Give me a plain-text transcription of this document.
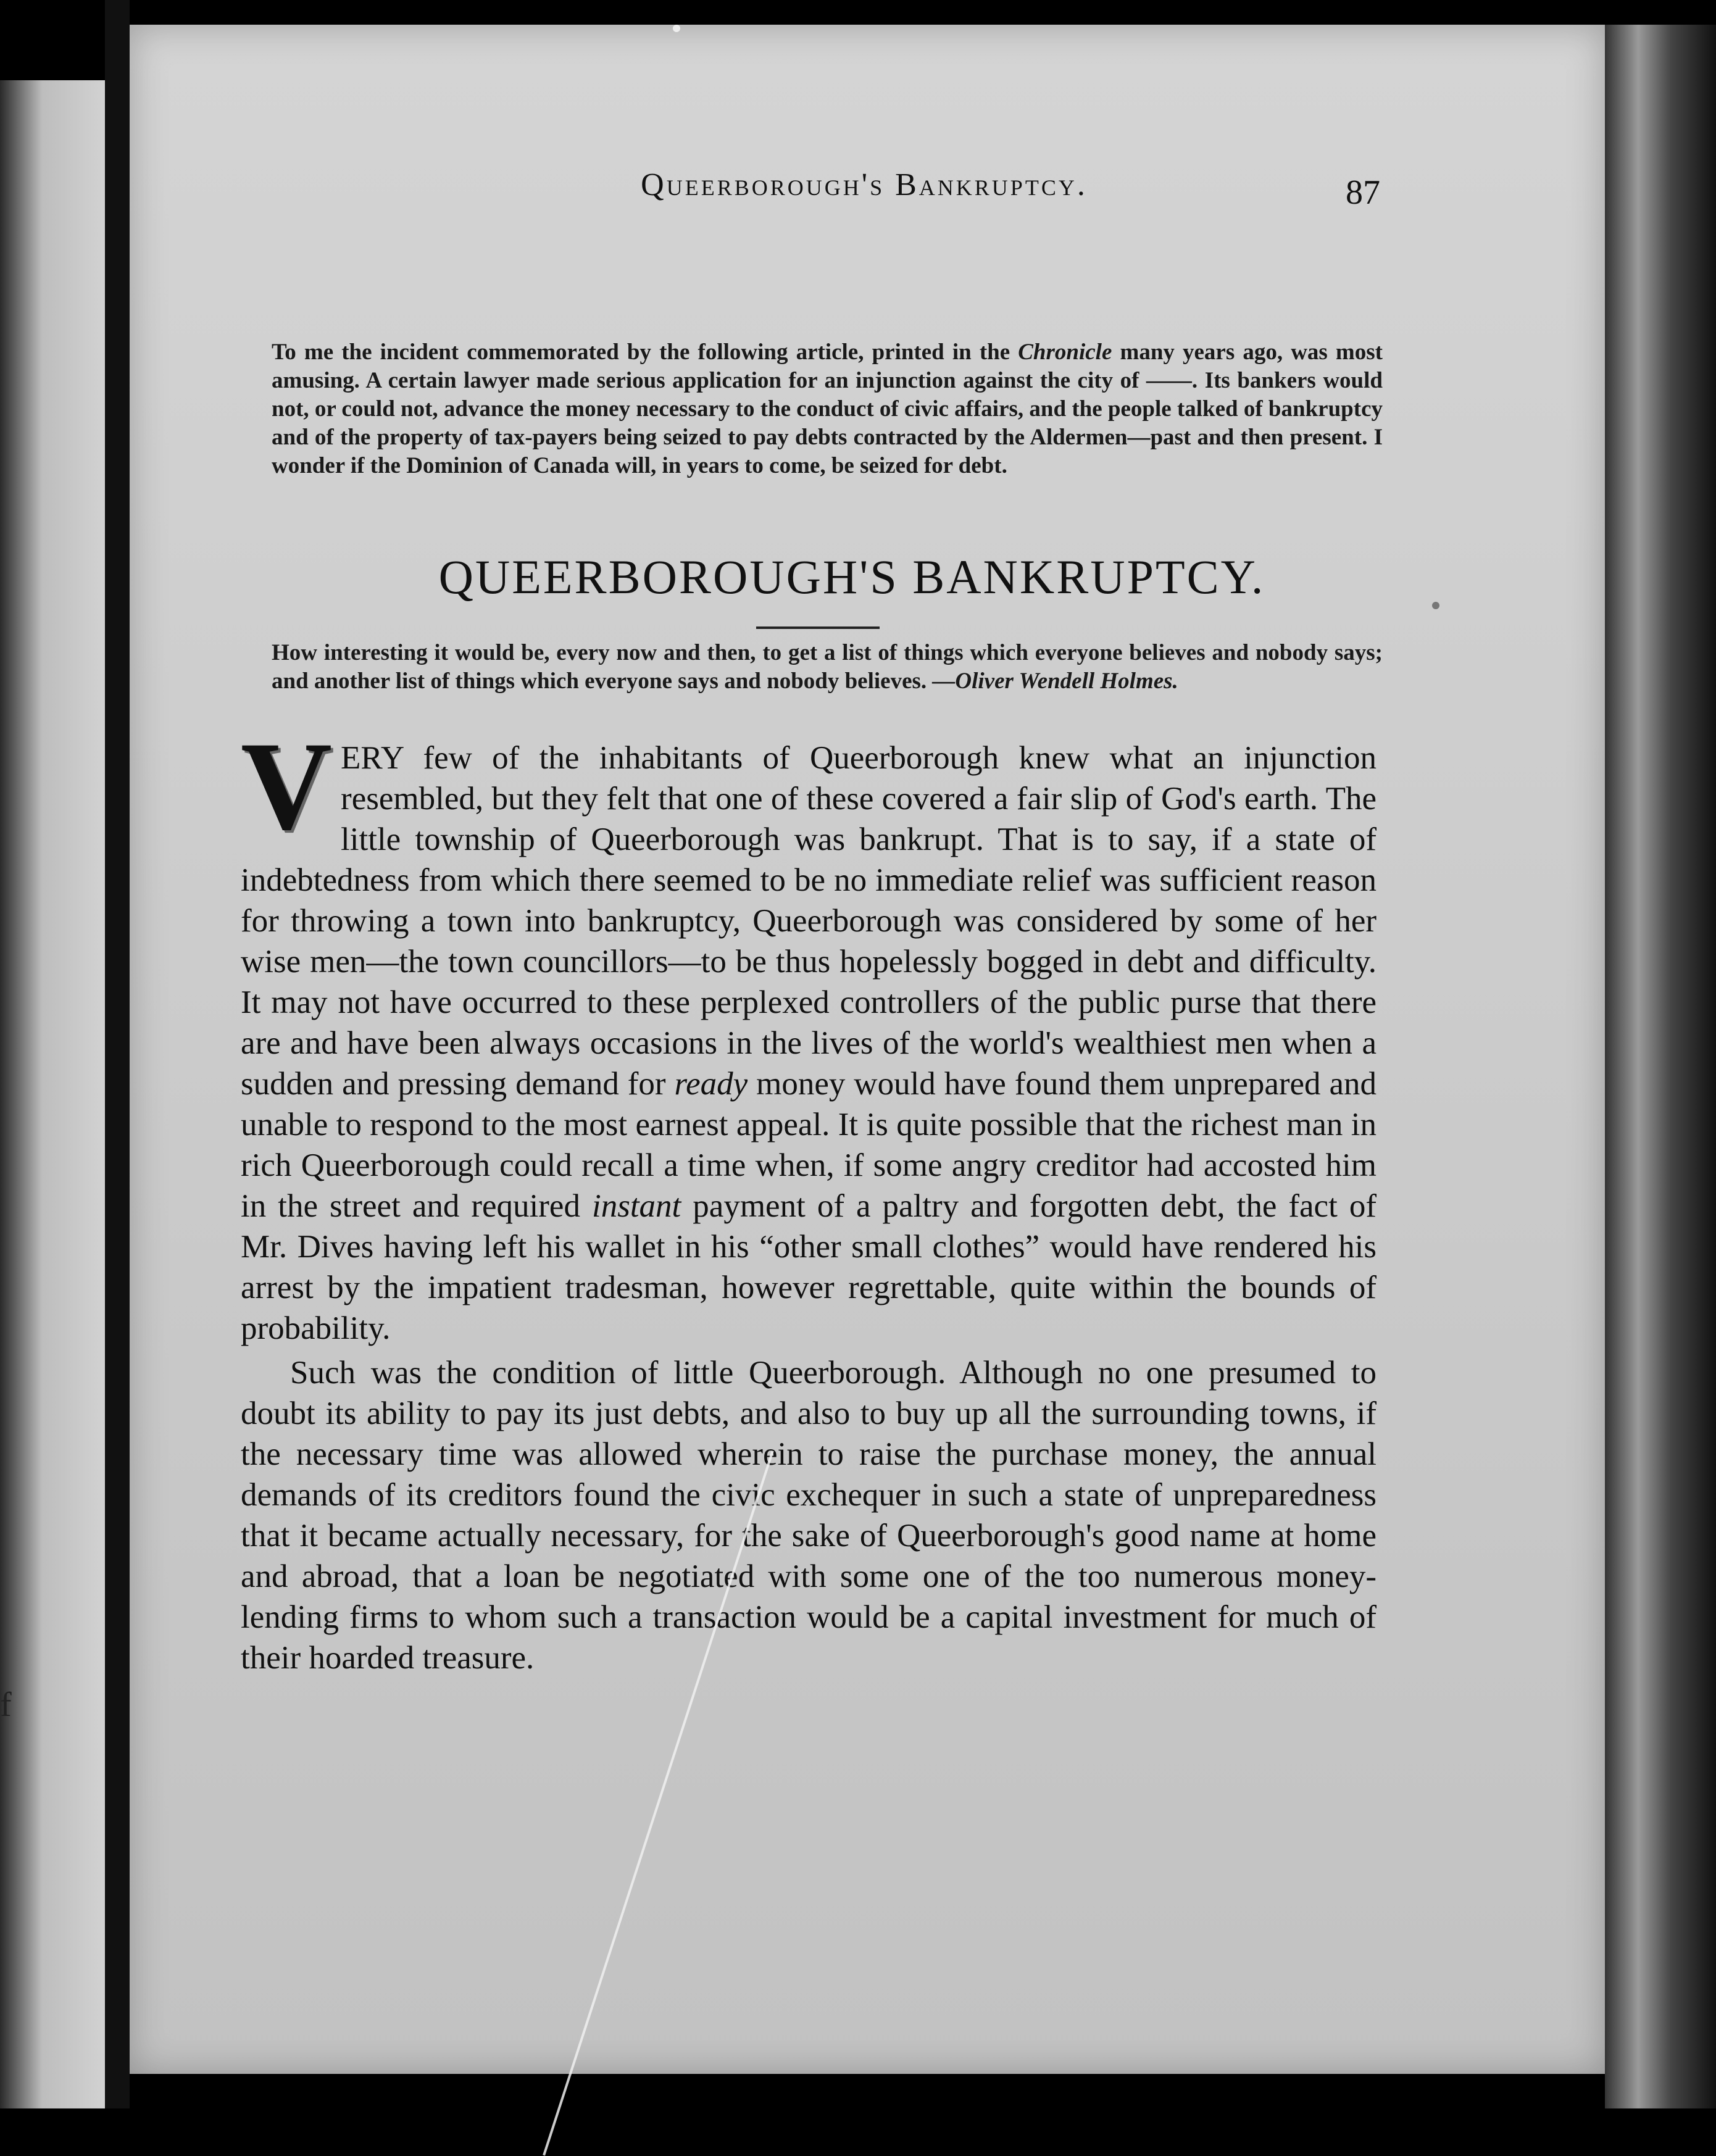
f
Queerborough's Bankruptcy.	87
To me the incident commemorated by the following article, printed in the Chronicle many years ago, was most amusing. A certain lawyer made serious application for an injunction against the city of ——. Its bankers would not, or could not, advance the money necessary to the conduct of civic affairs, and the people talked of bankruptcy and of the property of tax-payers being seized to pay debts contracted by the Aldermen—past and then present. I wonder if the Dominion of Canada will, in years to come, be seized for debt.
QUEERBOROUGH'S BANKRUPTCY.
How interesting it would be, every now and then, to get a list of things which everyone believes and nobody says; and another list of things which everyone says and nobody believes. —Oliver Wendell Holmes.

VERY few of the inhabitants of Queerborough knew what an injunction resembled, but they felt that one of these covered a fair slip of God's earth. The little township of Queerborough was bankrupt. That is to say, if a state of indebtedness from which there seemed to be no immediate relief was sufficient reason for throwing a town into bankruptcy, Queerborough was considered by some of her wise men—the town councillors—to be thus hopelessly bogged in debt and difficulty. It may not have occurred to these perplexed controllers of the public purse that there are and have been always occasions in the lives of the world's wealthiest men when a sudden and pressing demand for ready money would have found them unprepared and unable to respond to the most earnest appeal. It is quite possible that the richest man in rich Queerborough could recall a time when, if some angry creditor had accosted him in the street and required instant payment of a paltry and forgotten debt, the fact of Mr. Dives having left his wallet in his “other small clothes” would have rendered his arrest by the impatient tradesman, however regrettable, quite within the bounds of probability.

Such was the condition of little Queerborough. Although no one presumed to doubt its ability to pay its just debts, and also to buy up all the surrounding towns, if the necessary time was allowed wherein to raise the purchase money, the annual demands of its creditors found the civic exchequer in such a state of unpreparedness that it became actually necessary, for the sake of Queerborough's good name at home and abroad, that a loan be negotiated with some one of the too numerous money-lending firms to whom such a transaction would be a capital investment for much of their hoarded treasure.
